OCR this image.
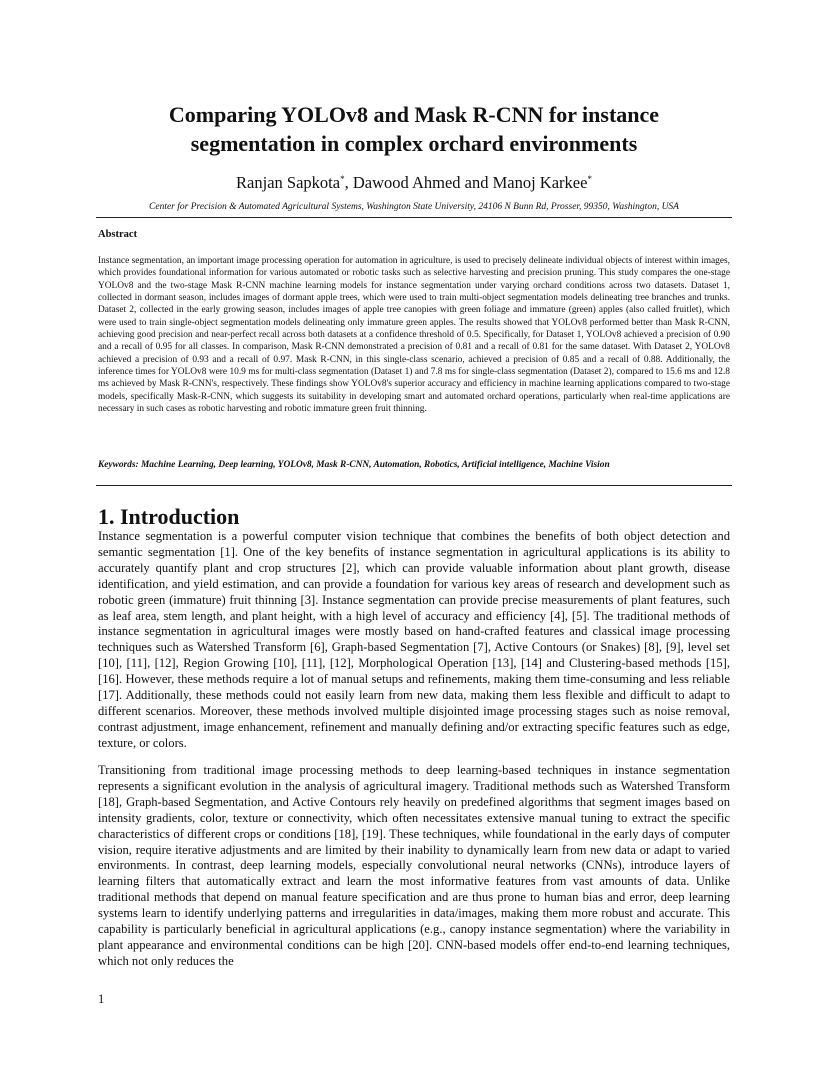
Comparing YOLOv8 and Mask R-CNN for instance
segmentation in complex orchard environments
Ranjan Sapkota*, Dawood Ahmed and Manoj Karkee*
Center for Precision & Automated Agricultural Systems, Washington State University, 24106 N Bunn Rd, Prosser, 99350, Washington, USA
Abstract

Instance segmentation, an important image processing operation for automation in agriculture, is used to precisely delineate individual objects of interest within images, which provides foundational information for various automated or robotic tasks such as selective harvesting and precision pruning. This study compares the one-stage YOLOv8 and the two-stage Mask R-CNN machine learning models for instance segmentation under varying orchard conditions across two datasets. Dataset 1, collected in dormant season, includes images of dormant apple trees, which were used to train multi-object segmentation models delineating tree branches and trunks. Dataset 2, collected in the early growing season, includes images of apple tree canopies with green foliage and immature (green) apples (also called fruitlet), which were used to train single-object segmentation models delineating only immature green apples. The results showed that YOLOv8 performed better than Mask R-CNN, achieving good precision and near-perfect recall across both datasets at a confidence threshold of 0.5. Specifically, for Dataset 1, YOLOv8 achieved a precision of 0.90 and a recall of 0.95 for all classes. In comparison, Mask R-CNN demonstrated a precision of 0.81 and a recall of 0.81 for the same dataset. With Dataset 2, YOLOv8 achieved a precision of 0.93 and a recall of 0.97. Mask R-CNN, in this single-class scenario, achieved a precision of 0.85 and a recall of 0.88. Additionally, the inference times for YOLOv8 were 10.9 ms for multi-class segmentation (Dataset 1) and 7.8 ms for single-class segmentation (Dataset 2), compared to 15.6 ms and 12.8 ms achieved by Mask R-CNN's, respectively. These findings show YOLOv8's superior accuracy and efficiency in machine learning applications compared to two-stage models, specifically Mask-R-CNN, which suggests its suitability in developing smart and automated orchard operations, particularly when real-time applications are necessary in such cases as robotic harvesting and robotic immature green fruit thinning.

Keywords: Machine Learning, Deep learning, YOLOv8, Mask R-CNN, Automation, Robotics, Artificial intelligence, Machine Vision
1. Introduction

Instance segmentation is a powerful computer vision technique that combines the benefits of both object detection and semantic segmentation [1]. One of the key benefits of instance segmentation in agricultural applications is its ability to accurately quantify plant and crop structures [2], which can provide valuable information about plant growth, disease identification, and yield estimation, and can provide a foundation for various key areas of research and development such as robotic green (immature) fruit thinning [3]. Instance segmentation can provide precise measurements of plant features, such as leaf area, stem length, and plant height, with a high level of accuracy and efficiency [4], [5]. The traditional methods of instance segmentation in agricultural images were mostly based on hand-crafted features and classical image processing techniques such as Watershed Transform [6], Graph-based Segmentation [7], Active Contours (or Snakes) [8], [9], level set [10], [11], [12], Region Growing [10], [11], [12], Morphological Operation [13], [14] and Clustering-based methods [15], [16]. However, these methods require a lot of manual setups and refinements, making them time-consuming and less reliable [17]. Additionally, these methods could not easily learn from new data, making them less flexible and difficult to adapt to different scenarios. Moreover, these methods involved multiple disjointed image processing stages such as noise removal, contrast adjustment, image enhancement, refinement and manually defining and/or extracting specific features such as edge, texture, or colors.

Transitioning from traditional image processing methods to deep learning-based techniques in instance segmentation represents a significant evolution in the analysis of agricultural imagery. Traditional methods such as Watershed Transform [18], Graph-based Segmentation, and Active Contours rely heavily on predefined algorithms that segment images based on intensity gradients, color, texture or connectivity, which often necessitates extensive manual tuning to extract the specific characteristics of different crops or conditions [18], [19]. These techniques, while foundational in the early days of computer vision, require iterative adjustments and are limited by their inability to dynamically learn from new data or adapt to varied environments. In contrast, deep learning models, especially convolutional neural networks (CNNs), introduce layers of learning filters that automatically extract and learn the most informative features from vast amounts of data. Unlike traditional methods that depend on manual feature specification and are thus prone to human bias and error, deep learning systems learn to identify underlying patterns and irregularities in data/images, making them more robust and accurate. This capability is particularly beneficial in agricultural applications (e.g., canopy instance segmentation) where the variability in plant appearance and environmental conditions can be high [20]. CNN-based models offer end-to-end learning techniques, which not only reduces the

1
